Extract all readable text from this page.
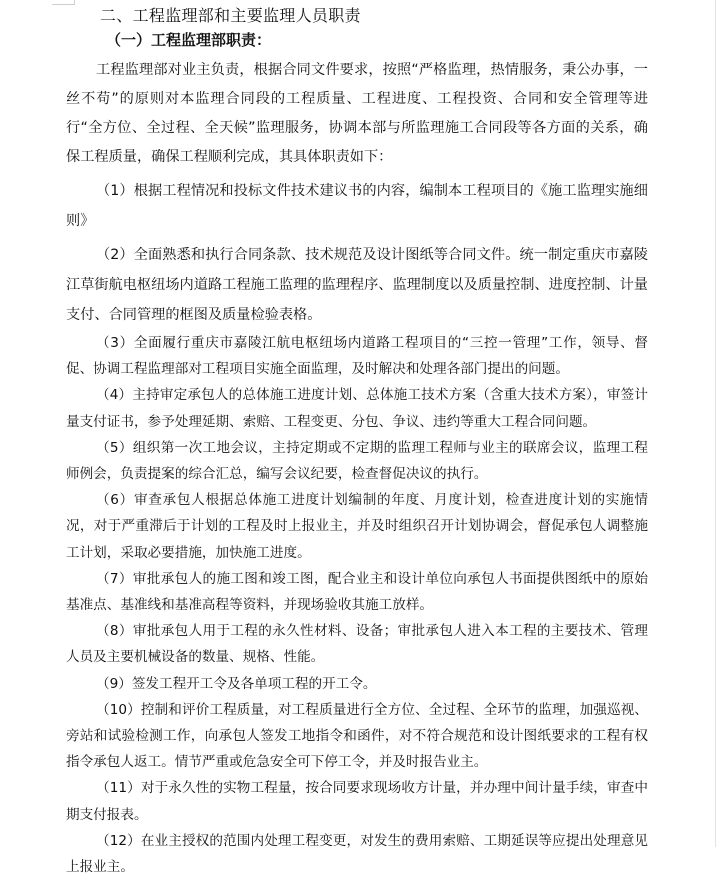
二、工程监理部和主要监理人员职责
（一）工程监理部职责：

工程监理部对业主负责，根据合同文件要求，按照“严格监理，热情服务，秉公办事，一丝不苟”的原则对本监理合同段的工程质量、工程进度、工程投资、合同和安全管理等进行“全方位、全过程、全天候”监理服务，协调本部与所监理施工合同段等各方面的关系，确保工程质量，确保工程顺利完成，其具体职责如下：

（1）根据工程情况和投标文件技术建议书的内容，编制本工程项目的《施工监理实施细则》

（2）全面熟悉和执行合同条款、技术规范及设计图纸等合同文件。统一制定重庆市嘉陵江草街航电枢纽场内道路工程施工监理的监理程序、监理制度以及质量控制、进度控制、计量支付、合同管理的框图及质量检验表格。

（3）全面履行重庆市嘉陵江航电枢纽场内道路工程项目的“三控一管理”工作，领导、督促、协调工程监理部对工程项目实施全面监理，及时解决和处理各部门提出的问题。

（4）主持审定承包人的总体施工进度计划、总体施工技术方案（含重大技术方案），审签计量支付证书，参予处理延期、索赔、工程变更、分包、争议、违约等重大工程合同问题。

（5）组织第一次工地会议，主持定期或不定期的监理工程师与业主的联席会议，监理工程师例会，负责提案的综合汇总，编写会议纪要，检查督促决议的执行。

（6）审查承包人根据总体施工进度计划编制的年度、月度计划，检查进度计划的实施情况，对于严重滞后于计划的工程及时上报业主，并及时组织召开计划协调会，督促承包人调整施工计划，采取必要措施，加快施工进度。

（7）审批承包人的施工图和竣工图，配合业主和设计单位向承包人书面提供图纸中的原始基准点、基准线和基准高程等资料，并现场验收其施工放样。

（8）审批承包人用于工程的永久性材料、设备；审批承包人进入本工程的主要技术、管理人员及主要机械设备的数量、规格、性能。

（9）签发工程开工令及各单项工程的开工令。

（10）控制和评价工程质量，对工程质量进行全方位、全过程、全环节的监理，加强巡视、旁站和试验检测工作，向承包人签发工地指令和函件，对不符合规范和设计图纸要求的工程有权指令承包人返工。情节严重或危急安全可下停工令，并及时报告业主。

（11）对于永久性的实物工程量，按合同要求现场收方计量，并办理中间计量手续，审查中期支付报表。

（12）在业主授权的范围内处理工程变更，对发生的费用索赔、工期延误等应提出处理意见上报业主。
